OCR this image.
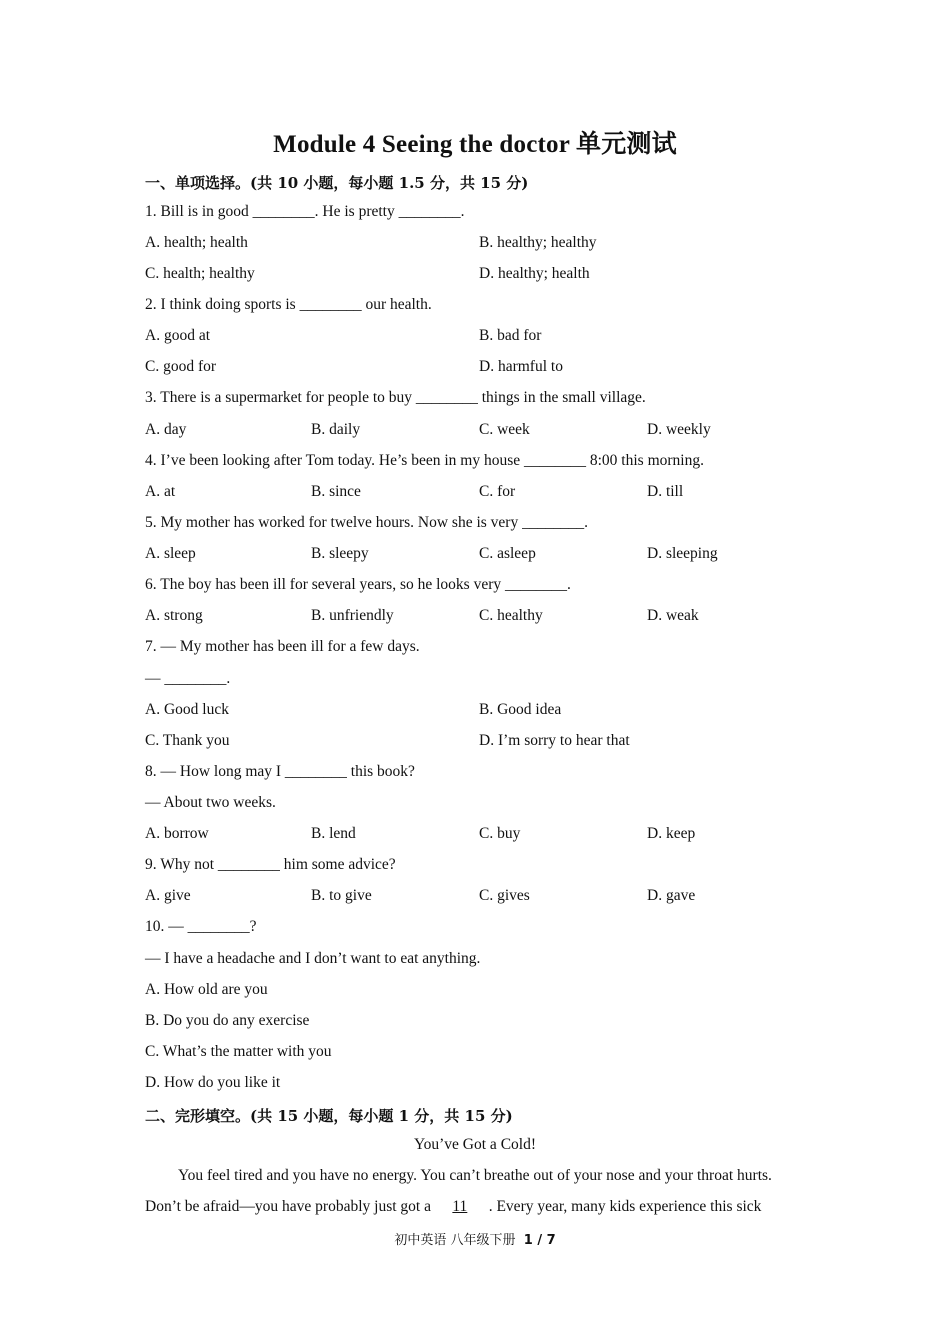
Module 4 Seeing the doctor 单元测试
一、单项选择。(共 10 小题，每小题 1.5 分，共 15 分)
1. Bill is in good ________. He is pretty ________.
A. health; health	B. healthy; healthy
C. health; healthy	D. healthy; health
2. I think doing sports is ________ our health.
A. good at	B. bad for
C. good for	D. harmful to
3. There is a supermarket for people to buy ________ things in the small village.
A. day	B. daily	C. week	D. weekly
4. I’ve been looking after Tom today. He’s been in my house ________ 8:00 this morning.
A. at	B. since	C. for	D. till
5. My mother has worked for twelve hours. Now she is very ________.
A. sleep	B. sleepy	C. asleep	D. sleeping
6. The boy has been ill for several years, so he looks very ________.
A. strong	B. unfriendly	C. healthy	D. weak
7. — My mother has been ill for a few days.
— ________.
A. Good luck	B. Good idea
C. Thank you	D. I’m sorry to hear that
8. — How long may I ________ this book?
— About two weeks.
A. borrow	B. lend	C. buy	D. keep
9. Why not ________ him some advice?
A. give	B. to give	C. gives	D. gave
10. — ________?
— I have a headache and I don’t want to eat anything.
A. How old are you
B. Do you do any exercise
C. What’s the matter with you
D. How do you like it
二、完形填空。(共 15 小题，每小题 1 分，共 15 分)
You’ve Got a Cold!
You feel tired and you have no energy. You can’t breathe out of your nose and your throat hurts.
Don’t be afraid—you have probably just got a 11 . Every year, many kids experience this sick
初中英语 八年级下册 1 / 7
